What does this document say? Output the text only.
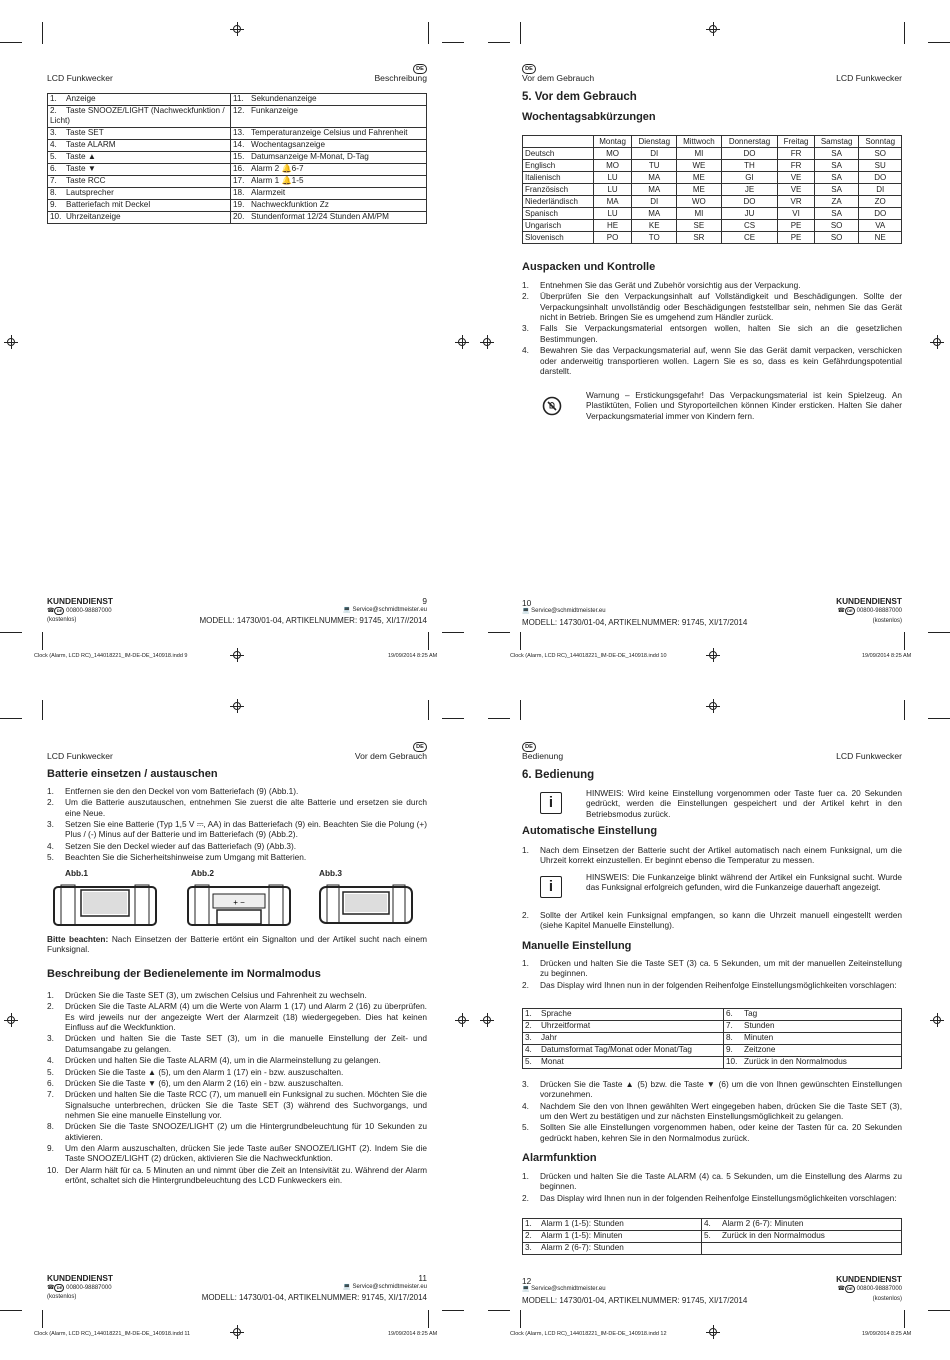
Clock (Alarm, LCD RC)_144018221_IM-DE-DE_140918.indd 9	19/09/2014 8:25 AM	Clock (Alarm, LCD RC)_144018221_IM-DE-DE_140918.indd 10	19/09/2014 8:25 AM
Clock (Alarm, LCD RC)_144018221_IM-DE-DE_140918.indd 11	19/09/2014 8:25 AM	Clock (Alarm, LCD RC)_144018221_IM-DE-DE_140918.indd 12	19/09/2014 8:25 AM
DE
LCD Funkwecker	Beschreibung
1. Anzeige	11. Sekundenanzeige
2. Taste SNOOZE/LIGHT (Nachweckfunktion / Licht)	12. Funkanzeige
3. Taste SET	13. Temperaturanzeige Celsius und Fahrenheit
4. Taste ALARM	14. Wochentagsanzeige
5. Taste ▲	15. Datumsanzeige M-Monat, D-Tag
6. Taste ▼	16. Alarm 2 🔔6-7
7. Taste RCC	17. Alarm 1 🔔1-5
8. Lautsprecher	18. Alarmzeit
9. Batteriefach mit Deckel	19. Nachweckfunktion Zz
10. Uhrzeitanzeige	20. Stundenformat 12/24 Stunden AM/PM
KUNDENDIENST	9
☎ DE 00800-98887000	💻 Service@schmidtmeister.eu
(kostenlos)	MODELL: 14730/01-04, ARTIKELNUMMER: 91745, XI/17//2014
DE
Vor dem Gebrauch	LCD Funkwecker
5. Vor dem Gebrauch
Wochentagsabkürzungen
	Montag	Dienstag	Mittwoch	Donnerstag	Freitag	Samstag	Sonntag
Deutsch	MO	DI	MI	DO	FR	SA	SO
Englisch	MO	TU	WE	TH	FR	SA	SU
Italienisch	LU	MA	ME	GI	VE	SA	DO
Französisch	LU	MA	ME	JE	VE	SA	DI
Niederländisch	MA	DI	WO	DO	VR	ZA	ZO
Spanisch	LU	MA	MI	JU	VI	SA	DO
Ungarisch	HE	KE	SE	CS	PE	SO	VA
Slovenisch	PO	TO	SR	CE	PE	SO	NE
Auspacken und Kontrolle
1. Entnehmen Sie das Gerät und Zubehör vorsichtig aus der Verpackung.
2. Überprüfen Sie den Verpackungsinhalt auf Vollständigkeit und Beschädigungen. Sollte der Verpackungsinhalt unvollständig oder Beschädigungen feststellbar sein, nehmen Sie das Gerät nicht in Betrieb. Bringen Sie es umgehend zum Händler zurück.
3. Falls Sie Verpackungsmaterial entsorgen wollen, halten Sie sich an die gesetzlichen Bestimmungen.
4. Bewahren Sie das Verpackungsmaterial auf, wenn Sie das Gerät damit verpacken, verschicken oder anderweitig transportieren wollen. Lagern Sie es so, dass es kein Gefährdungspotential darstellt.
Warnung – Erstickungsgefahr! Das Verpackungsmaterial ist kein Spielzeug. An Plastiktüten, Folien und Styroporteilchen können Kinder ersticken. Halten Sie daher Verpackungsmaterial immer von Kindern fern.
10	KUNDENDIENST
💻 Service@schmidtmeister.eu	☎ DE 00800-98887000
MODELL: 14730/01-04, ARTIKELNUMMER: 91745, XI/17/2014	(kostenlos)
DE
LCD Funkwecker	Vor dem Gebrauch
Batterie einsetzen / austauschen
1. Entfernen sie den den Deckel von vom Batteriefach (9) (Abb.1).
2. Um die Batterie auszutauschen, entnehmen Sie zuerst die alte Batterie und ersetzen sie durch eine Neue.
3. Setzen Sie eine Batterie (Typ 1,5 V ⎓, AA) in das Batteriefach (9) ein. Beachten Sie die Polung (+) Plus / (-) Minus auf der Batterie und im Batteriefach (9) (Abb.2).
4. Setzen Sie den Deckel wieder auf das Batteriefach (9) (Abb.3).
5. Beachten Sie die Sicherheitshinweise zum Umgang mit Batterien.
Abb.1	Abb.2	Abb.3
+ −
Bitte beachten: Nach Einsetzen der Batterie ertönt ein Signalton und der Artikel sucht nach einem Funksignal.
Beschreibung der Bedienelemente im Normalmodus
1. Drücken Sie die Taste SET (3), um zwischen Celsius und Fahrenheit zu wechseln.
2. Drücken Sie die Taste ALARM (4) um die Werte von Alarm 1 (17) und Alarm 2 (16) zu überprüfen. Es wird jeweils nur der angezeigte Wert der Alarmzeit (18) wiedergegeben. Dies hat keinen Einfluss auf die Weckfunktion.
3. Drücken und halten Sie die Taste SET (3), um in die manuelle Einstellung der Zeit- und Datumsangabe zu gelangen.
4. Drücken und halten Sie die Taste ALARM (4), um in die Alarmeinstellung zu gelangen.
5. Drücken Sie die Taste ▲ (5), um den Alarm 1 (17) ein - bzw. auszuschalten.
6. Drücken Sie die Taste ▼ (6), um den Alarm 2 (16) ein - bzw. auszuschalten.
7. Drücken und halten Sie die Taste RCC (7), um manuell ein Funksignal zu suchen. Möchten Sie die Signalsuche unterbrechen, drücken Sie die Taste SET (3) während des Suchvorgangs, und nehmen Sie eine manuelle Einstellung vor.
8. Drücken Sie die Taste SNOOZE/LIGHT (2) um die Hintergrundbeleuchtung für 10 Sekunden zu aktivieren.
9. Um den Alarm auszuschalten, drücken Sie jede Taste außer SNOOZE/LIGHT (2). Indem Sie die Taste SNOOZE/LIGHT (2) drücken, aktivieren Sie die Nachweckfunktion.
10. Der Alarm hält für ca. 5 Minuten an und nimmt über die Zeit an Intensivität zu. Während der Alarm ertönt, schaltet sich die Hintergrundbeleuchtung des LCD Funkweckers ein.
KUNDENDIENST	11
☎ DE 00800-98887000	💻 Service@schmidtmeister.eu
(kostenlos)	MODELL: 14730/01-04, ARTIKELNUMMER: 91745, XI/17/2014
DE
Bedienung	LCD Funkwecker
6. Bedienung
i
HINWEIS: Wird keine Einstellung vorgenommen oder Taste fuer ca. 20 Sekunden gedrückt, werden die Einstellungen gespeichert und der Artikel kehrt in den Betriebsmodus zurück.
Automatische Einstellung
1. Nach dem Einsetzen der Batterie sucht der Artikel automatisch nach einem Funksignal, um die Uhrzeit korrekt einzustellen. Er beginnt ebenso die Temperatur zu messen.
i
HINSWEIS: Die Funkanzeige blinkt während der Artikel ein Funksignal sucht. Wurde das Funksignal erfolgreich gefunden, wird die Funkanzeige dauerhaft angezeigt.
2. Sollte der Artikel kein Funksignal empfangen, so kann die Uhrzeit manuell eingestellt werden (siehe Kapitel Manuelle Einstellung).
Manuelle Einstellung
1. Drücken und halten Sie die Taste SET (3) ca. 5 Sekunden, um mit der manuellen Zeiteinstellung zu beginnen.
2. Das Display wird Ihnen nun in der folgenden Reihenfolge Einstellungsmöglichkeiten vorschlagen:
1. Sprache	6. Tag
2. Uhrzeitformat	7. Stunden
3. Jahr	8. Minuten
4. Datumsformat Tag/Monat oder Monat/Tag	9. Zeitzone
5. Monat	10. Zurück in den Normalmodus
3. Drücken Sie die Taste ▲ (5) bzw. die Taste ▼ (6) um die von Ihnen gewünschten Einstellungen vorzunehmen.
4. Nachdem Sie den von Ihnen gewählten Wert eingegeben haben, drücken Sie die Taste SET (3), um den Wert zu bestätigen und zur nächsten Einstellungsmöglichkeit zu gelangen.
5. Sollten Sie alle Einstellungen vorgenommen haben, oder keine der Tasten für ca. 20 Sekunden gedrückt haben, kehren Sie in den Normalmodus zurück.
Alarmfunktion
1. Drücken und halten Sie die Taste ALARM (4) ca. 5 Sekunden, um die Einstellung des Alarms zu beginnen.
2. Das Display wird Ihnen nun in der folgenden Reihenfolge Einstellungsmöglichkeiten vorschlagen:
1. Alarm 1 (1-5): Stunden	4. Alarm 2 (6-7): Minuten
2. Alarm 1 (1-5): Minuten	5. Zurück in den Normalmodus
3. Alarm 2 (6-7): Stunden	
12	KUNDENDIENST
💻 Service@schmidtmeister.eu	☎ DE 00800-98887000
MODELL: 14730/01-04, ARTIKELNUMMER: 91745, XI/17/2014	(kostenlos)
